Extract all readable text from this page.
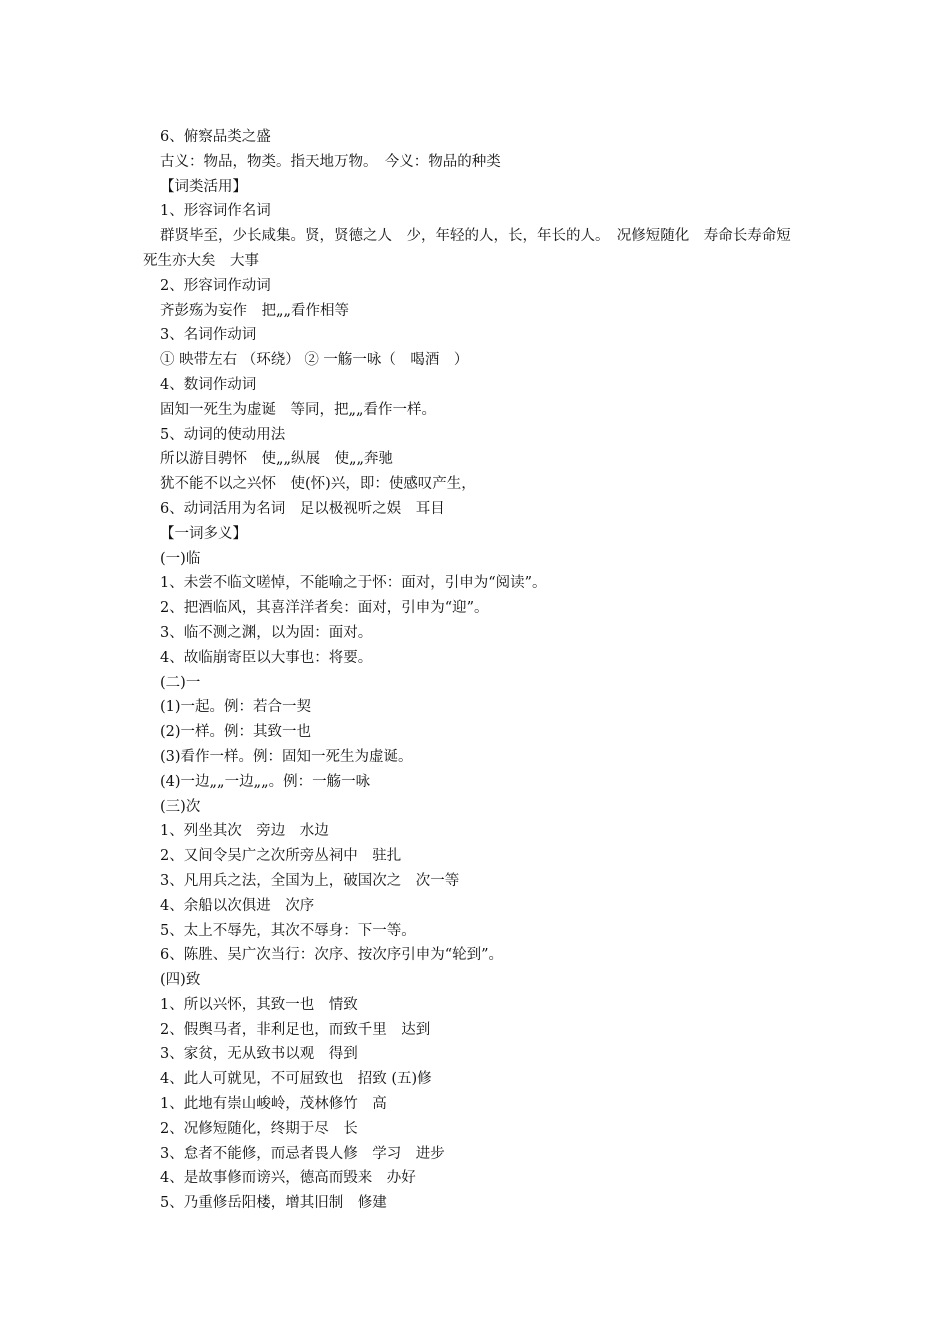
6、俯察品类之盛
古义：物品，物类。指天地万物。　今义：物品的种类
【词类活用】
1、形容词作名词
群贤毕至，少长咸集。贤，贤德之人　少，年轻的人，长，年长的人。　况修短随化　寿命长寿命短　死生亦大矣　大事
2、形容词作动词
齐彭殇为妄作　把„„看作相等
3、名词作动词
① 映带左右 （环绕） ② 一觞一咏（　喝酒　）
4、数词作动词
固知一死生为虚诞　等同，把„„看作一样。
5、动词的使动用法
所以游目骋怀　使„„纵展　使„„奔驰
犹不能不以之兴怀　使(怀)兴，即：使感叹产生，
6、动词活用为名词　足以极视听之娱　耳目
【一词多义】
(一)临
1、未尝不临文嗟悼，不能喻之于怀：面对，引申为“阅读”。
2、把酒临风，其喜洋洋者矣：面对，引申为“迎”。
3、临不测之渊，以为固：面对。
4、故临崩寄臣以大事也：将要。
(二)一
(1)一起。例：若合一契
(2)一样。例：其致一也
(3)看作一样。例：固知一死生为虚诞。
(4)一边„„一边„„。例：一觞一咏
(三)次
1、列坐其次　旁边　水边
2、又间令吴广之次所旁丛祠中　驻扎
3、凡用兵之法，全国为上，破国次之　次一等
4、余船以次俱进　次序
5、太上不辱先，其次不辱身：下一等。
6、陈胜、吴广次当行：次序、按次序引申为“轮到”。
(四)致
1、所以兴怀，其致一也　情致
2、假舆马者，非利足也，而致千里　达到
3、家贫，无从致书以观　得到
4、此人可就见，不可屈致也　招致 (五)修
1、此地有崇山峻岭，茂林修竹　高
2、况修短随化，终期于尽　长
3、怠者不能修，而忌者畏人修　学习　进步
4、是故事修而谤兴，德高而毁来　办好
5、乃重修岳阳楼，增其旧制　修建
